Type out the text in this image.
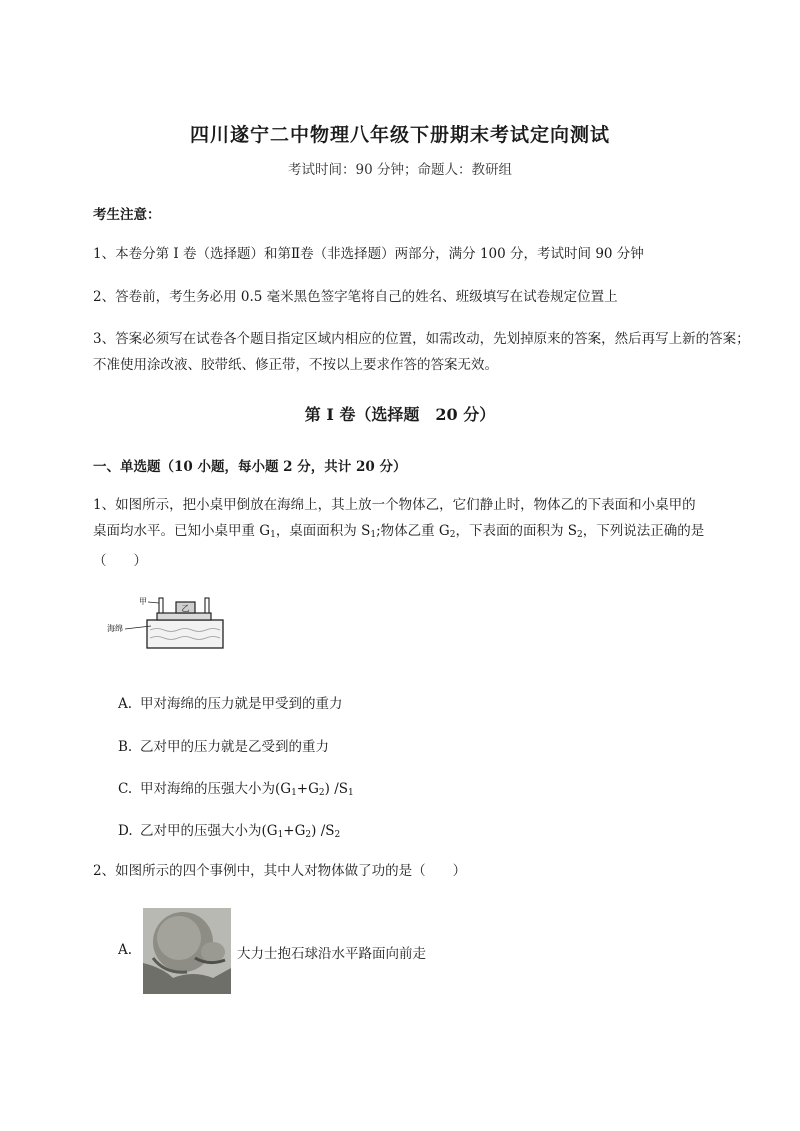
四川遂宁二中物理八年级下册期末考试定向测试
考试时间：90 分钟；命题人：教研组
考生注意：
1、本卷分第 I 卷（选择题）和第Ⅱ卷（非选择题）两部分，满分 100 分，考试时间 90 分钟
2、答卷前，考生务必用 0.5 毫米黑色签字笔将自己的姓名、班级填写在试卷规定位置上
3、答案必须写在试卷各个题目指定区域内相应的位置，如需改动，先划掉原来的答案，然后再写上新的答案；不准使用涂改液、胶带纸、修正带，不按以上要求作答的答案无效。
第 I 卷（选择题　20 分）
一、单选题（10 小题，每小题 2 分，共计 20 分）
1、如图所示，把小桌甲倒放在海绵上，其上放一个物体乙，它们静止时，物体乙的下表面和小桌甲的
桌面均水平。已知小桌甲重 $G_1$，桌面面积为 $S_1$;物体乙重 $G_2$，下表面的面积为 $S_2$，下列说法正确的是
（　　）
乙
甲
海绵
A. 甲对海绵的压力就是甲受到的重力
B. 乙对甲的压力就是乙受到的重力
C. 甲对海绵的压强大小为$(G_1+G_2)$ $/S_1$
D. 乙对甲的压强大小为$(G_1+G_2)$ $/S_2$
2、如图所示的四个事例中，其中人对物体做了功的是（　　）
A.	大力士抱石球沿水平路面向前走
